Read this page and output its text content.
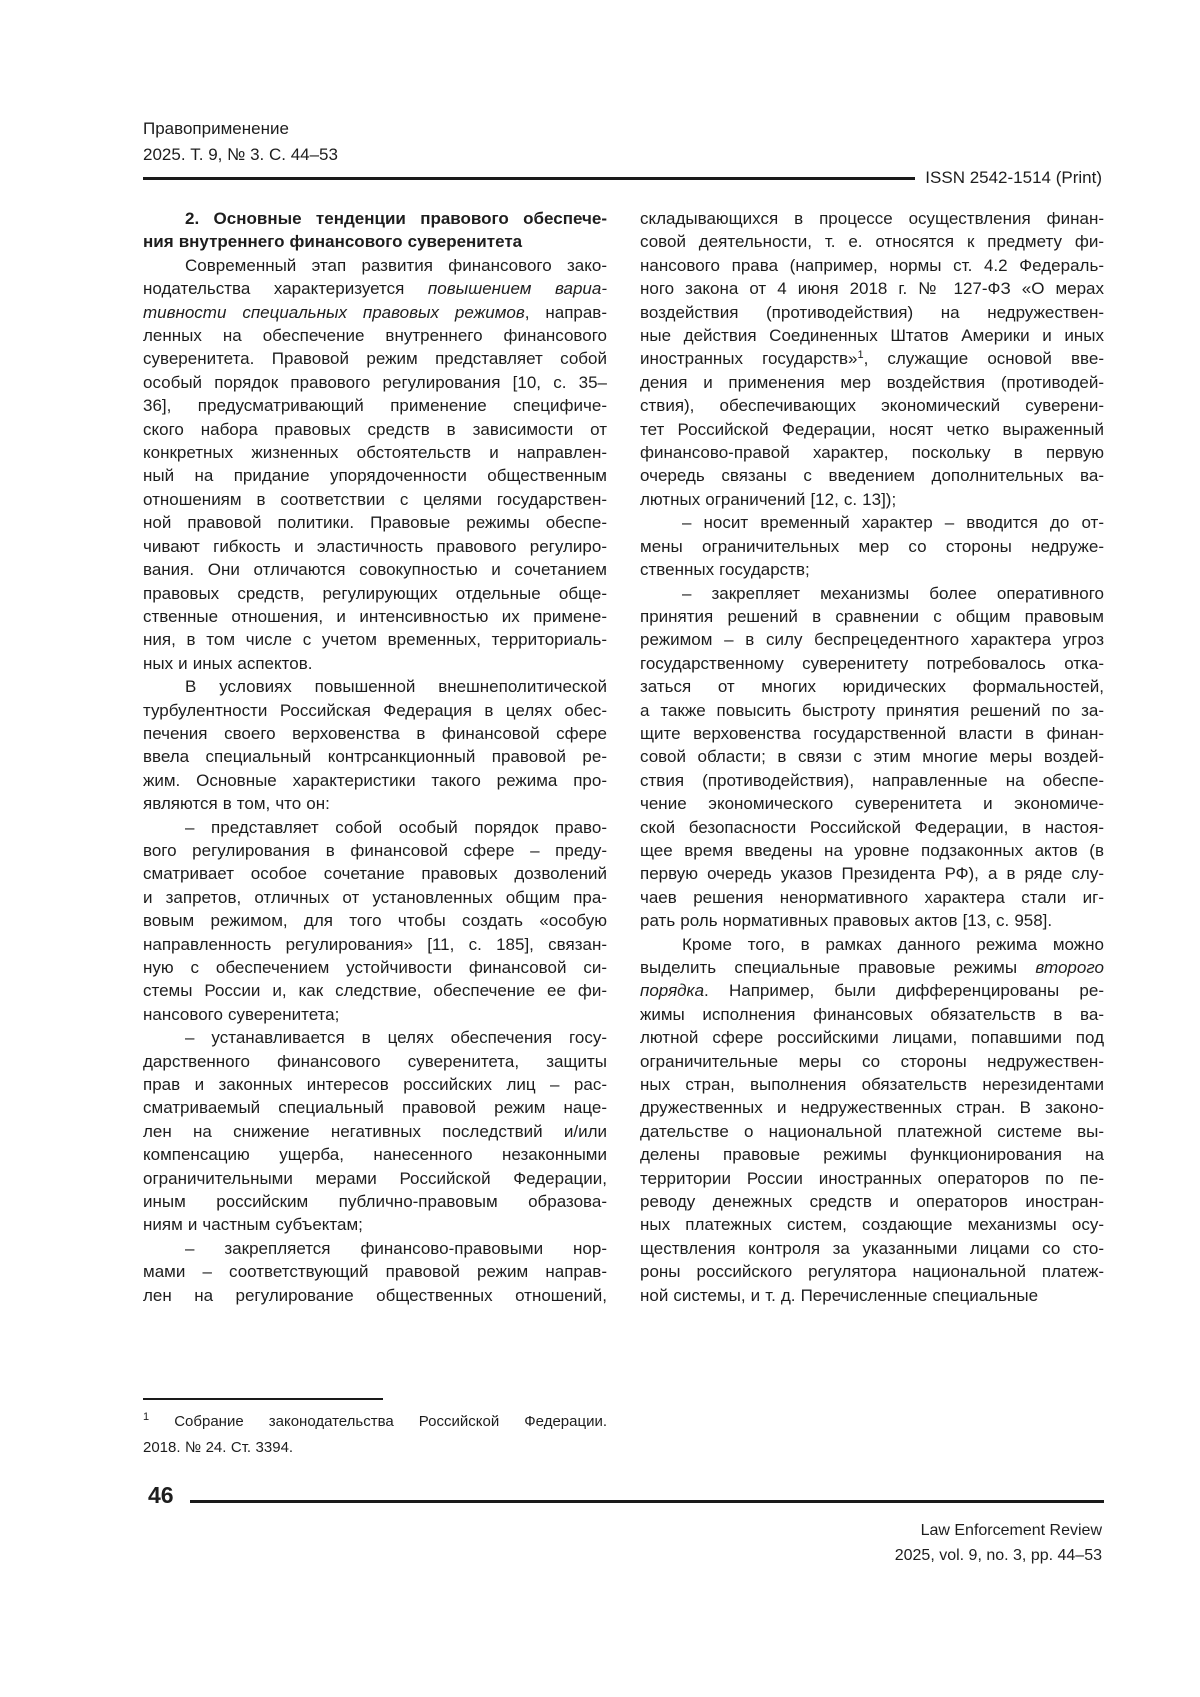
Правоприменение
2025. Т. 9, № 3. С. 44–53
ISSN 2542-1514 (Print)
2. Основные тенденции правового обеспече-
ния внутреннего финансового суверенитета
Современный этап развития финансового зако-
нодательства характеризуется повышением вариа-
тивности специальных правовых режимов, направ-
ленных на обеспечение внутреннего финансового
суверенитета. Правовой режим представляет собой
особый порядок правового регулирования [10, с. 35–
36], предусматривающий применение специфиче-
ского набора правовых средств в зависимости от
конкретных жизненных обстоятельств и направлен-
ный на придание упорядоченности общественным
отношениям в соответствии с целями государствен-
ной правовой политики. Правовые режимы обеспе-
чивают гибкость и эластичность правового регулиро-
вания. Они отличаются совокупностью и сочетанием
правовых средств, регулирующих отдельные обще-
ственные отношения, и интенсивностью их примене-
ния, в том числе с учетом временных, территориаль-
ных и иных аспектов.
В условиях повышенной внешнеполитической
турбулентности Российская Федерация в целях обес-
печения своего верховенства в финансовой сфере
ввела специальный контрсанкционный правовой ре-
жим. Основные характеристики такого режима про-
являются в том, что он:
– представляет собой особый порядок право-
вого регулирования в финансовой сфере – преду-
сматривает особое сочетание правовых дозволений
и запретов, отличных от установленных общим пра-
вовым режимом, для того чтобы создать «особую
направленность регулирования» [11, с. 185], связан-
ную с обеспечением устойчивости финансовой си-
стемы России и, как следствие, обеспечение ее фи-
нансового суверенитета;
– устанавливается в целях обеспечения госу-
дарственного финансового суверенитета, защиты
прав и законных интересов российских лиц – рас-
сматриваемый специальный правовой режим наце-
лен на снижение негативных последствий и/или
компенсацию ущерба, нанесенного незаконными
ограничительными мерами Российской Федерации,
иным российским публично-правовым образова-
ниям и частным субъектам;
– закрепляется финансово-правовыми нор-
мами – соответствующий правовой режим направ-
лен на регулирование общественных отношений,
складывающихся в процессе осуществления финан-
совой деятельности, т. е. относятся к предмету фи-
нансового права (например, нормы ст. 4.2 Федераль-
ного закона от 4 июня 2018 г. № 127-ФЗ «О мерах
воздействия (противодействия) на недружествен-
ные действия Соединенных Штатов Америки и иных
иностранных государств»$^1$, служащие основой вве-
дения и применения мер воздействия (противодей-
ствия), обеспечивающих экономический суверени-
тет Российской Федерации, носят четко выраженный
финансово-правой характер, поскольку в первую
очередь связаны с введением дополнительных ва-
лютных ограничений [12, с. 13]);
– носит временный характер – вводится до от-
мены ограничительных мер со стороны недруже-
ственных государств;
– закрепляет механизмы более оперативного
принятия решений в сравнении с общим правовым
режимом – в силу беспрецедентного характера угроз
государственному суверенитету потребовалось отка-
заться от многих юридических формальностей,
а также повысить быстроту принятия решений по за-
щите верховенства государственной власти в финан-
совой области; в связи с этим многие меры воздей-
ствия (противодействия), направленные на обеспе-
чение экономического суверенитета и экономиче-
ской безопасности Российской Федерации, в настоя-
щее время введены на уровне подзаконных актов (в
первую очередь указов Президента РФ), а в ряде слу-
чаев решения ненормативного характера стали иг-
рать роль нормативных правовых актов [13, с. 958].
Кроме того, в рамках данного режима можно
выделить специальные правовые режимы второго
порядка. Например, были дифференцированы ре-
жимы исполнения финансовых обязательств в ва-
лютной сфере российскими лицами, попавшими под
ограничительные меры со стороны недружествен-
ных стран, выполнения обязательств нерезидентами
дружественных и недружественных стран. В законо-
дательстве о национальной платежной системе вы-
делены правовые режимы функционирования на
территории России иностранных операторов по пе-
реводу денежных средств и операторов иностран-
ных платежных систем, создающие механизмы осу-
ществления контроля за указанными лицами со сто-
роны российского регулятора национальной платеж-
ной системы, и т. д. Перечисленные специальные
$^1$ Собрание законодательства Российской Федерации.
2018. № 24. Ст. 3394.
46
Law Enforcement Review
2025, vol. 9, no. 3, pp. 44–53
